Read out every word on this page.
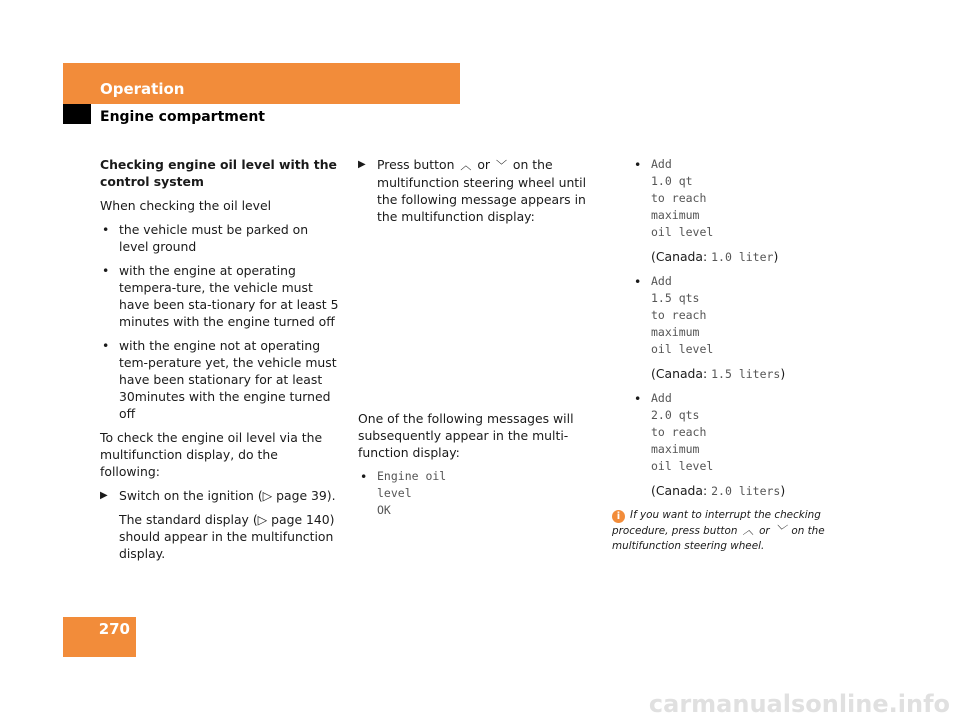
Operation
Engine compartment

Checking engine oil level with the control system

When checking the oil level

• the vehicle must be parked on level ground
• with the engine at operating tempera-ture, the vehicle must have been sta-tionary for at least 5 minutes with the engine turned off
• with the engine not at operating tem-perature yet, the vehicle must have been stationary for at least 30minutes with the engine turned off

To check the engine oil level via the multifunction display, do the following:

▶ Switch on the ignition (▷ page 39).

The standard display (▷ page 140) should appear in the multifunction display.

▶ Press button ︿ or ﹀ on the multifunction steering wheel until the following message appears in the multifunction display:

One of the following messages will subsequently appear in the multi-function display:

• Engine oil
level
OK
• Add
1.0 qt
to reach
maximum
oil level

(Canada: 1.0 liter)

• Add
1.5 qts
to reach
maximum
oil level

(Canada: 1.5 liters)

• Add
2.0 qts
to reach
maximum
oil level

(Canada: 2.0 liters)

i If you want to interrupt the checking procedure, press button ︿ or ﹀ on the multifunction steering wheel.
270
carmanualsonline.info
